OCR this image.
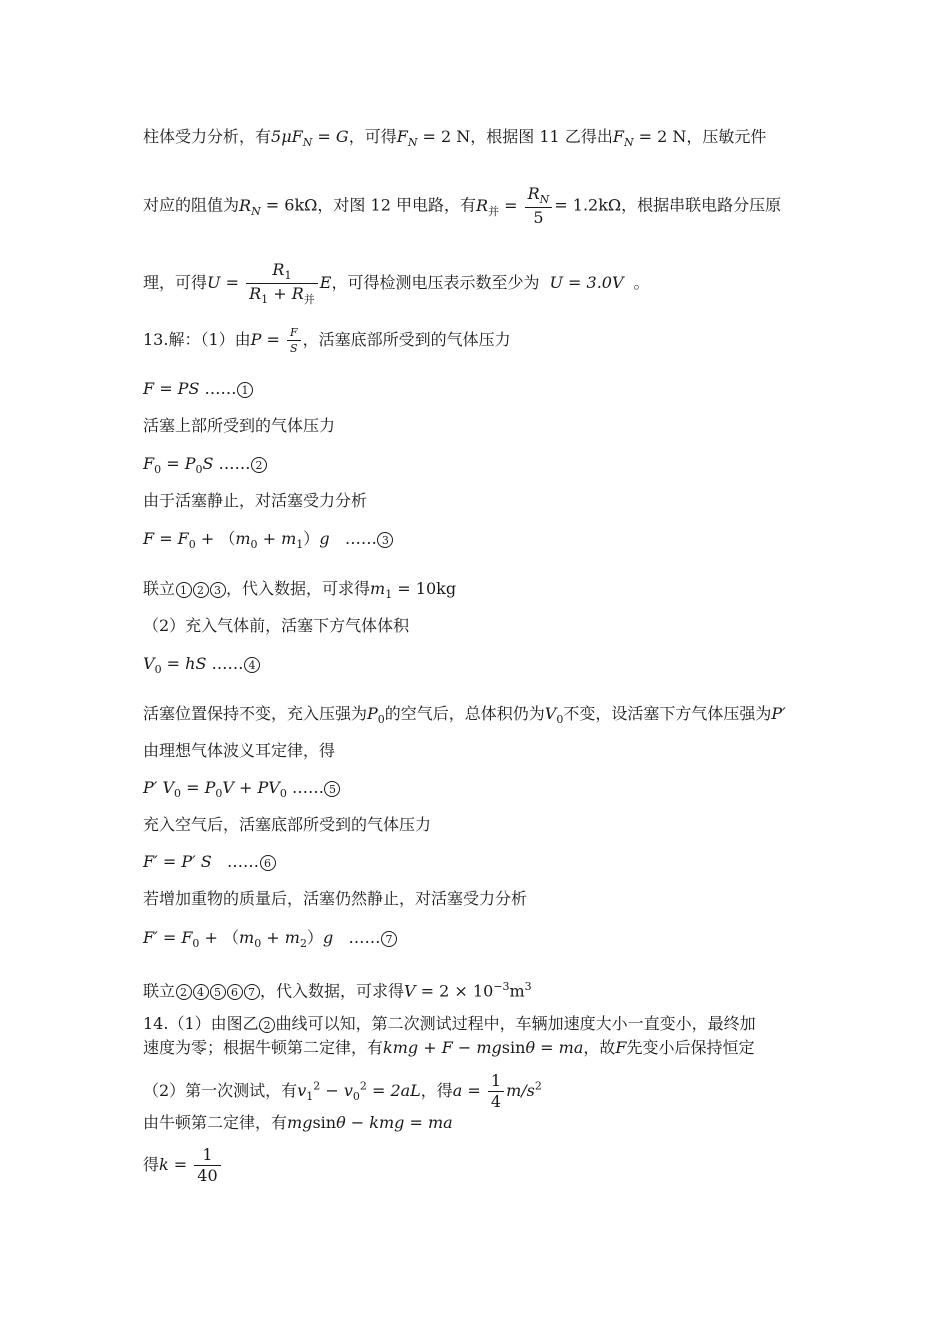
柱体受力分析，有$5\mu F_N = G$，可得$F_N = 2$ N，根据图 11 乙得出$F_N = 2$ N，压敏元件
对应的阻值为$R_N = 6k\Omega$，对图 12 甲电路，有$R_并 = \frac{R_N}{5} = 1.2k\Omega$，根据串联电路分压原
理，可得$U = \frac{R_1}{R_1 + R_并}$ E，可得检测电压表示数至少为 U = 3.0V 。
13.解：（1）由$P = \frac{F}{S}$ ，活塞底部所受到的气体压力
F = PS …… 1
活塞上部所受到的气体压力
$F_0 = P_0S$ …… 2
由于活塞静止，对活塞受力分析
$F = F_0 + (m_0 + m_1)g$ …… 3
联立 1 2 3 ，代入数据，可求得$m_1 = 10kg$
（2）充入气体前，活塞下方气体体积
$V_0$ = hS …… 4
活塞位置保持不变，充入压强为$P_0$的空气后，总体积仍为$V_0$不变，设活塞下方气体压强为P′
由理想气体波义耳定律，得
P′ $V_0 = P_0V + PV_0$ …… 5
充入空气后，活塞底部所受到的气体压力
F′ = P′ S …… 6
若增加重物的质量后，活塞仍然静止，对活塞受力分析
$F' = F_0 + (m_0 + m_2)g$ …… 7
联立 2 4 5 6 7 ，代入数据，可求得$V = 2 \times 10^{-3}m^3$
14.（1）由图乙 2 曲线可以知，第二次测试过程中，车辆加速度大小一直变小，最终加
速度为零；根据牛顿第二定律，有kmg + F − mgsinθ = ma，故F先变小后保持恒定
（2）第一次测试，有$v_1^2 - v_0^2 = 2aL$，得$a = \frac{1}{4} m/s^2$
由牛顿第二定律，有mgsinθ − kmg = ma
得$k = \frac{1}{40}$
